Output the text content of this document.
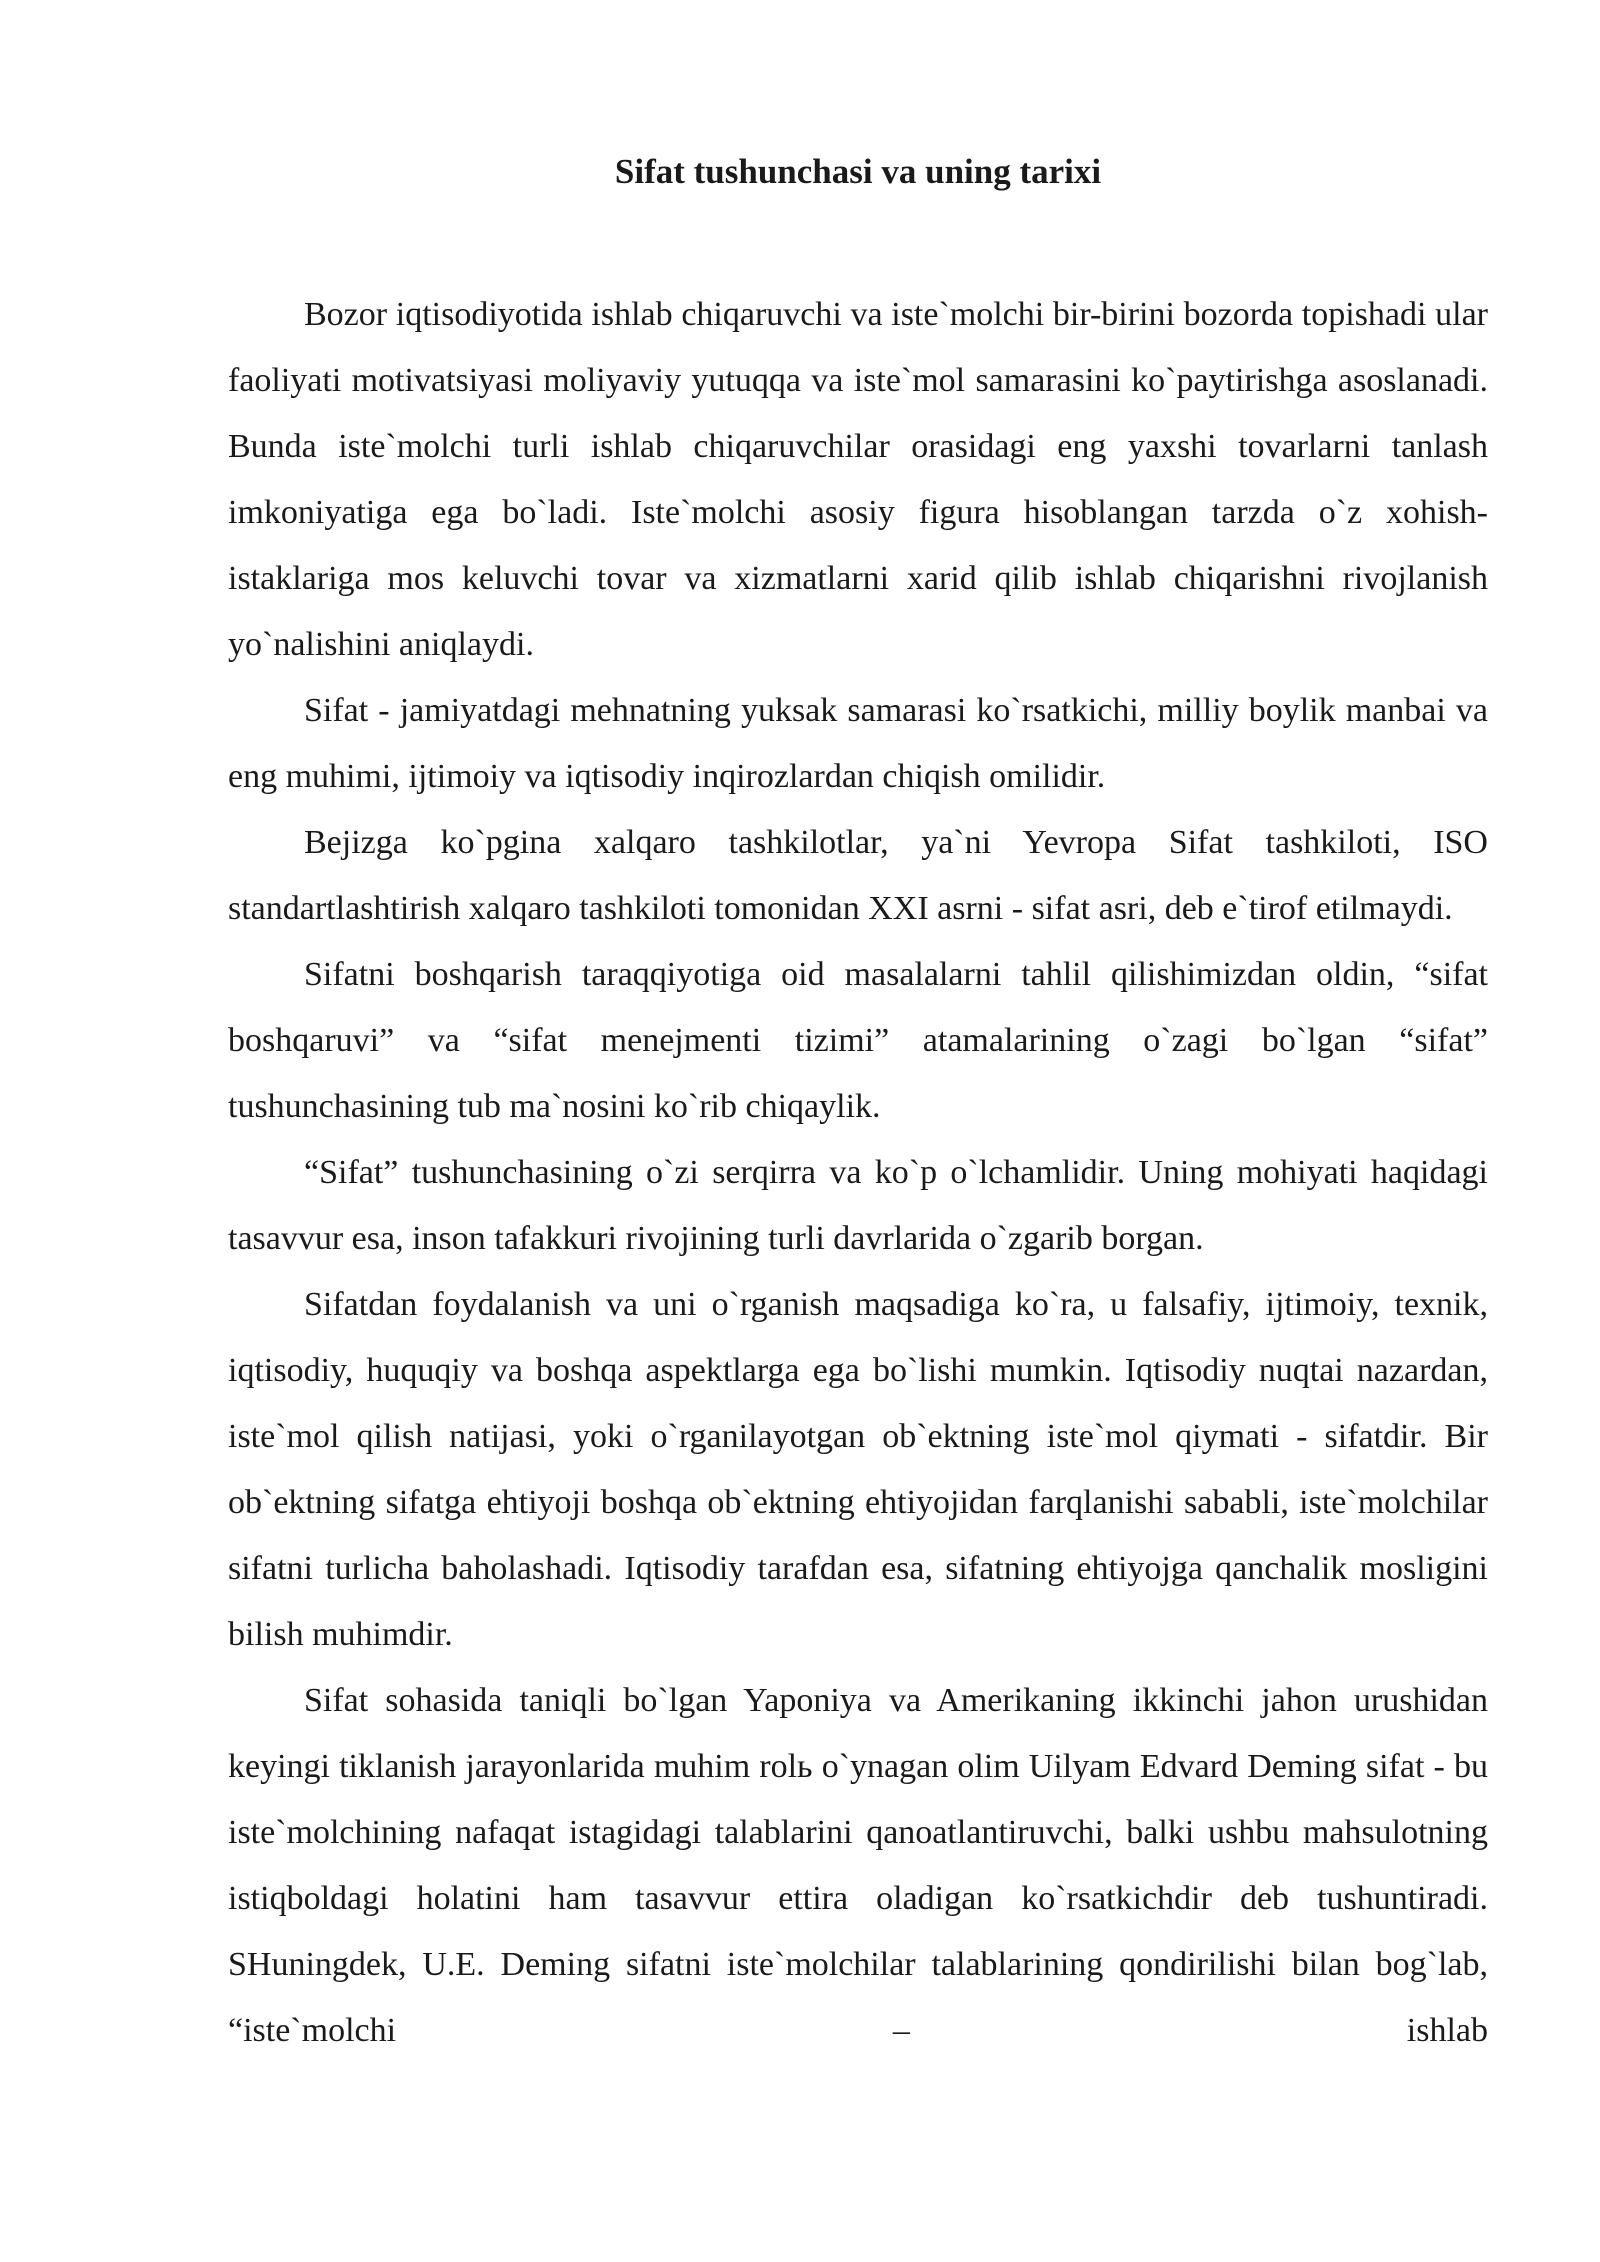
Sifat tushunchasi va uning tarixi

Bozor iqtisodiyotida ishlab chiqaruvchi va iste`molchi bir-birini bozorda topishadi ular faoliyati motivatsiyasi moliyaviy yutuqqa va iste`mol samarasini ko`paytirishga asoslanadi. Bunda iste`molchi turli ishlab chiqaruvchilar orasidagi eng yaxshi tovarlarni tanlash imkoniyatiga ega bo`ladi. Iste`molchi asosiy figura hisoblangan tarzda o`z xohish-istaklariga mos keluvchi tovar va xizmatlarni xarid qilib ishlab chiqarishni rivojlanish yo`nalishini aniqlaydi.

Sifat - jamiyatdagi mehnatning yuksak samarasi ko`rsatkichi, milliy boylik manbai va eng muhimi, ijtimoiy va iqtisodiy inqirozlardan chiqish omilidir.

Bejizga ko`pgina xalqaro tashkilotlar, ya`ni Yevropa Sifat tashkiloti, ISO standartlashtirish xalqaro tashkiloti tomonidan XXI asrni - sifat asri, deb e`tirof etilmaydi.

Sifatni boshqarish taraqqiyotiga oid masalalarni tahlil qilishimizdan oldin, “sifat boshqaruvi” va “sifat menejmenti tizimi” atamalarining o`zagi bo`lgan “sifat” tushunchasining tub ma`nosini ko`rib chiqaylik.

“Sifat” tushunchasining o`zi serqirra va ko`p o`lchamlidir. Uning mohiyati haqidagi tasavvur esa, inson tafakkuri rivojining turli davrlarida o`zgarib borgan.

Sifatdan foydalanish va uni o`rganish maqsadiga ko`ra, u falsafiy, ijtimoiy, texnik, iqtisodiy, huquqiy va boshqa aspektlarga ega bo`lishi mumkin. Iqtisodiy nuqtai nazardan, iste`mol qilish natijasi, yoki o`rganilayotgan ob`ektning iste`mol qiymati - sifatdir. Bir ob`ektning sifatga ehtiyoji boshqa ob`ektning ehtiyojidan farqlanishi sababli, iste`molchilar sifatni turlicha baholashadi. Iqtisodiy tarafdan esa, sifatning ehtiyojga qanchalik mosligini bilish muhimdir.

Sifat sohasida taniqli bo`lgan Yaponiya va Amerikaning ikkinchi jahon urushidan keyingi tiklanish jarayonlarida muhim rolь o`ynagan olim Uilyam Edvard Deming sifat - bu iste`molchining nafaqat istagidagi talablarini qanoatlantiruvchi, balki ushbu mahsulotning istiqboldagi holatini ham tasavvur ettira oladigan ko`rsatkichdir deb tushuntiradi. SHuningdek, U.E. Deming sifatni iste`molchilar talablarining qondirilishi bilan bog`lab, “iste`molchi – ishlab
